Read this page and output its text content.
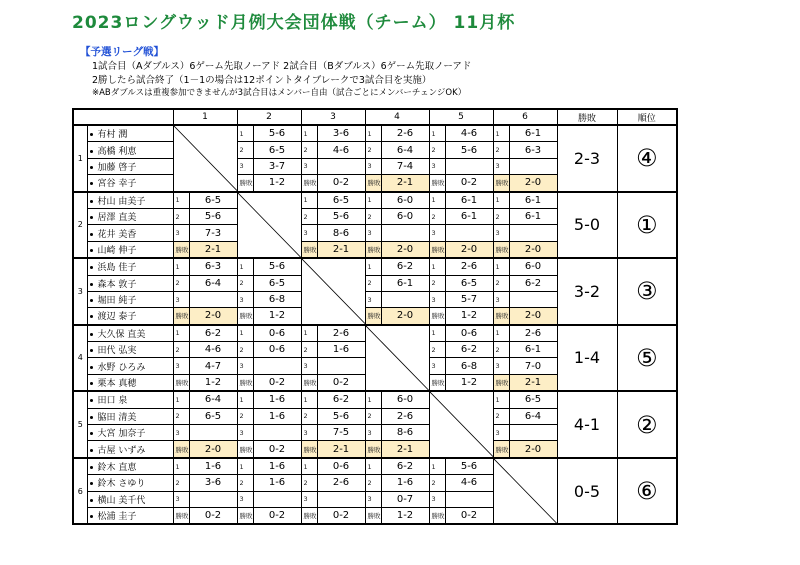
2023ロングウッド月例大会団体戦（チーム） 11月杯
【予選リーグ戦】
1試合目（Aダブルス）6ゲーム先取ノーアド 2試合目（Bダブルス）6ゲーム先取ノーアド
2勝したら試合終了（1－1の場合は12ポイントタイブレークで3試合目を実施）
※ABダブルスは重複参加できませんが3試合目はメンバー自由（試合ごとにメンバーチェンジOK）
		1		2		3		4		5		6		勝敗	順位
1	有村 潤			1	5-6	1	3-6	1	2-6	1	4-6	1	6-1	2-3	④
	高橋 利恵			2	6-5	2	4-6	2	6-4	2	5-6	2	6-3		
	加藤 啓子			3	3-7	3		3	7-4	3		3			
	宮谷 幸子			勝敗	1-2	勝敗	0-2	勝敗	2-1	勝敗	0-2	勝敗	2-0		
2	村山 由美子	1	6-5			1	6-5	1	6-0	1	6-1	1	6-1	5-0	①
	居澤 直美	2	5-6			2	5-6	2	6-0	2	6-1	2	6-1		
	花井 美香	3	7-3			3	8-6	3		3		3			
	山崎 伸子	勝敗	2-1			勝敗	2-1	勝敗	2-0	勝敗	2-0	勝敗	2-0		
3	浜島 佳子	1	6-3	1	5-6			1	6-2	1	2-6	1	6-0	3-2	③
	森本 敦子	2	6-4	2	6-5			2	6-1	2	6-5	2	6-2		
	堀田 純子	3		3	6-8			3		3	5-7	3			
	渡辺 泰子	勝敗	2-0	勝敗	1-2			勝敗	2-0	勝敗	1-2	勝敗	2-0		
4	大久保 直美	1	6-2	1	0-6	1	2-6			1	0-6	1	2-6	1-4	⑤
	田代 弘実	2	4-6	2	0-6	2	1-6			2	6-2	2	6-1		
	水野 ひろみ	3	4-7	3		3				3	6-8	3	7-0		
	栗本 真穂	勝敗	1-2	勝敗	0-2	勝敗	0-2			勝敗	1-2	勝敗	2-1		
5	田口 泉	1	6-4	1	1-6	1	6-2	1	6-0			1	6-5	4-1	②
	脇田 清美	2	6-5	2	1-6	2	5-6	2	2-6			2	6-4		
	大宮 加奈子	3		3		3	7-5	3	8-6			3			
	古屋 いずみ	勝敗	2-0	勝敗	0-2	勝敗	2-1	勝敗	2-1			勝敗	2-0		
6	鈴木 直恵	1	1-6	1	1-6	1	0-6	1	6-2	1	5-6			0-5	⑥
	鈴木 さゆり	2	3-6	2	1-6	2	2-6	2	1-6	2	4-6				
	横山 美千代	3		3		3		3	0-7	3					
	松浦 圭子	勝敗	0-2	勝敗	0-2	勝敗	0-2	勝敗	1-2	勝敗	0-2				
